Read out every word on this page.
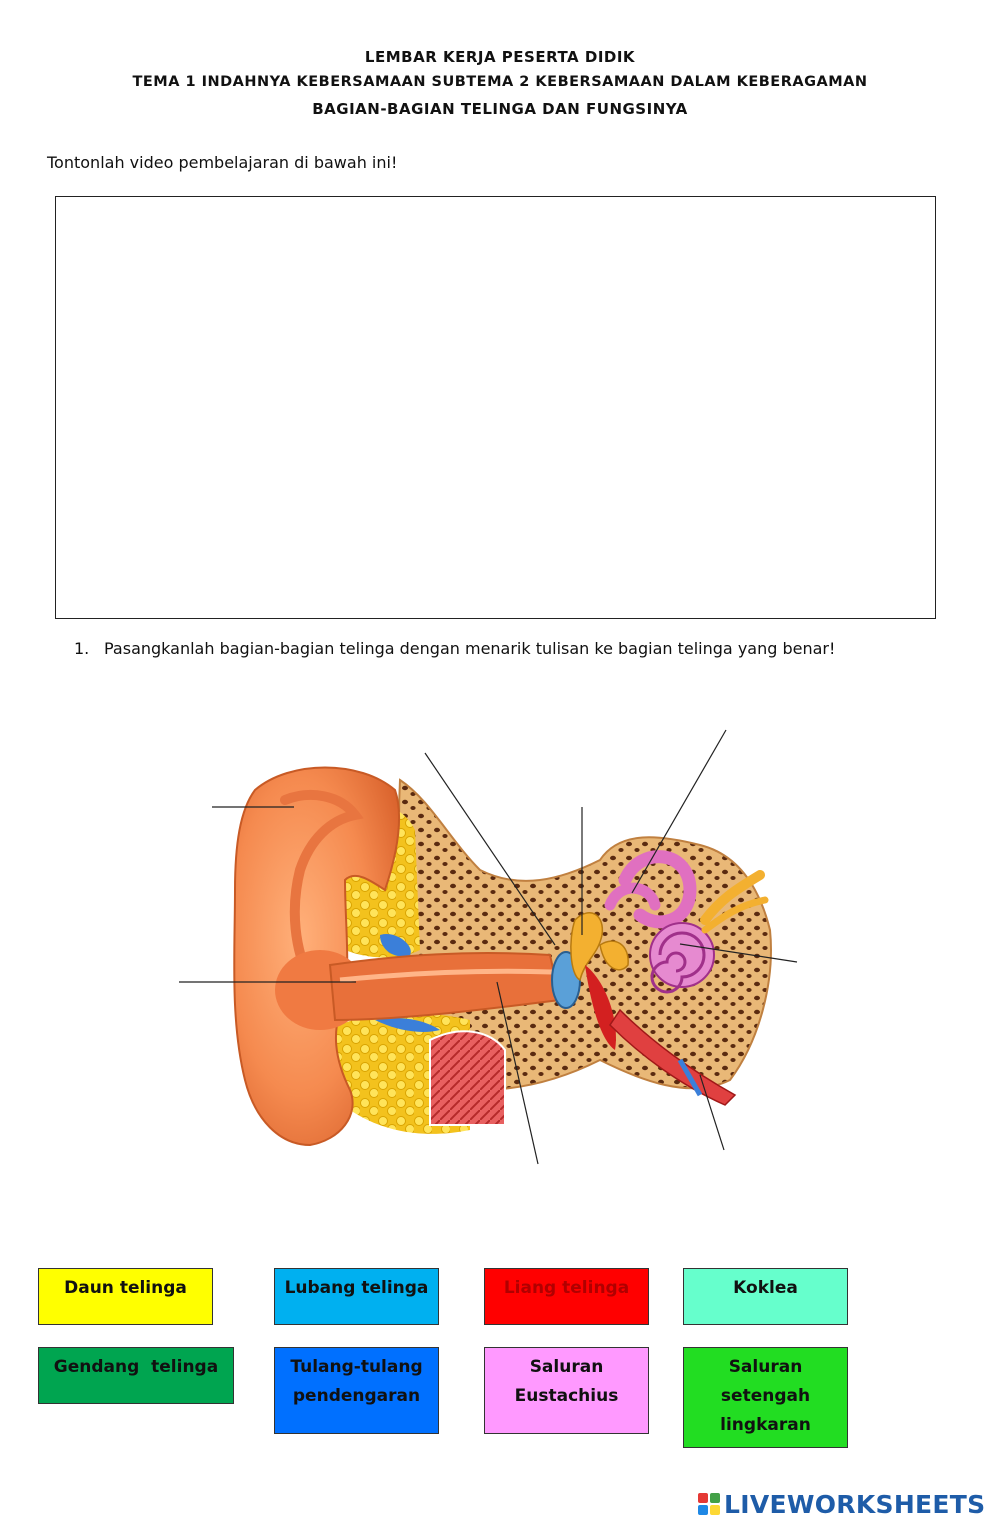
LEMBAR KERJA PESERTA DIDIK
TEMA 1 INDAHNYA KEBERSAMAAN SUBTEMA 2 KEBERSAMAAN DALAM KEBERAGAMAN
BAGIAN-BAGIAN TELINGA DAN FUNGSINYA
Tontonlah video pembelajaran di bawah ini!
1. Pasangkanlah bagian-bagian telinga dengan menarik tulisan ke bagian telinga yang benar!
Daun telinga	Lubang telinga	Liang telinga	Koklea
Gendang  telinga	Tulang-tulang pendengaran
Saluran Eustachius
Saluran setengah lingkaran
LIVEWORKSHEETS
